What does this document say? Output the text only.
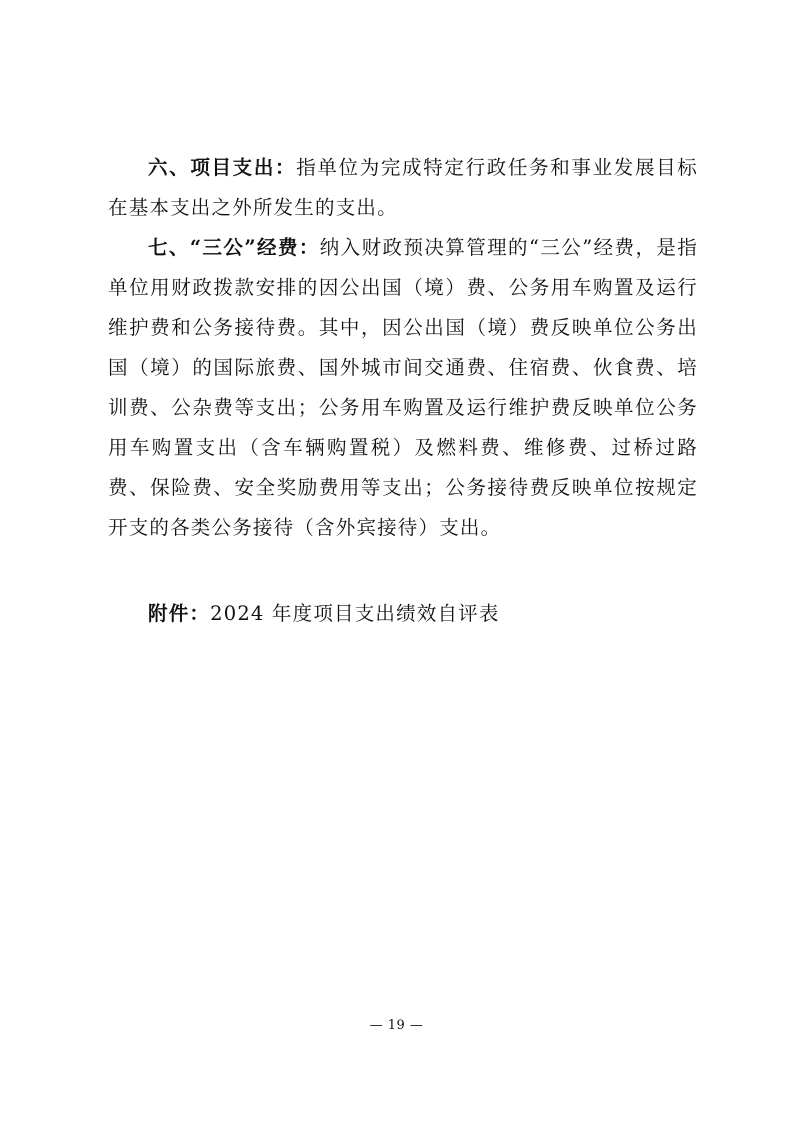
六、项目支出：指单位为完成特定行政任务和事业发展目标在基本支出之外所发生的支出。

七、“三公”经费：纳入财政预决算管理的“三公”经费，是指单位用财政拨款安排的因公出国（境）费、公务用车购置及运行维护费和公务接待费。其中，因公出国（境）费反映单位公务出国（境）的国际旅费、国外城市间交通费、住宿费、伙食费、培训费、公杂费等支出；公务用车购置及运行维护费反映单位公务用车购置支出（含车辆购置税）及燃料费、维修费、过桥过路费、保险费、安全奖励费用等支出；公务接待费反映单位按规定开支的各类公务接待（含外宾接待）支出。

附件：2024 年度项目支出绩效自评表

— 19 —
